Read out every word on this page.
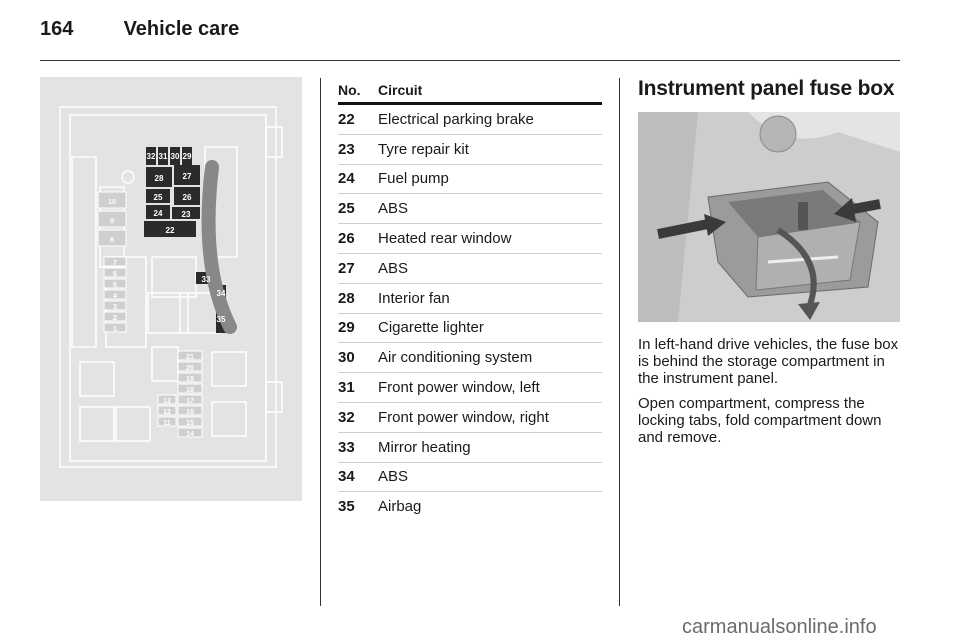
164	Vehicle care
32 31 30 29
28 27
26
25
24 23
22
33
34
35
10
9
8
7
6
5
4
3
2
1
21
20
19
18
17
16
15
14
13
12
11
No.	Circuit
22	Electrical parking brake
23	Tyre repair kit
24	Fuel pump
25	ABS
26	Heated rear window
27	ABS
28	Interior fan
29	Cigarette lighter
30	Air conditioning system
31	Front power window, left
32	Front power window, right
33	Mirror heating
34	ABS
35	Airbag
Instrument panel fuse box

In left-hand drive vehicles, the fuse box is behind the storage compartment in the instrument panel.

Open compartment, compress the locking tabs, fold compartment down and remove.

carmanualsonline.info
